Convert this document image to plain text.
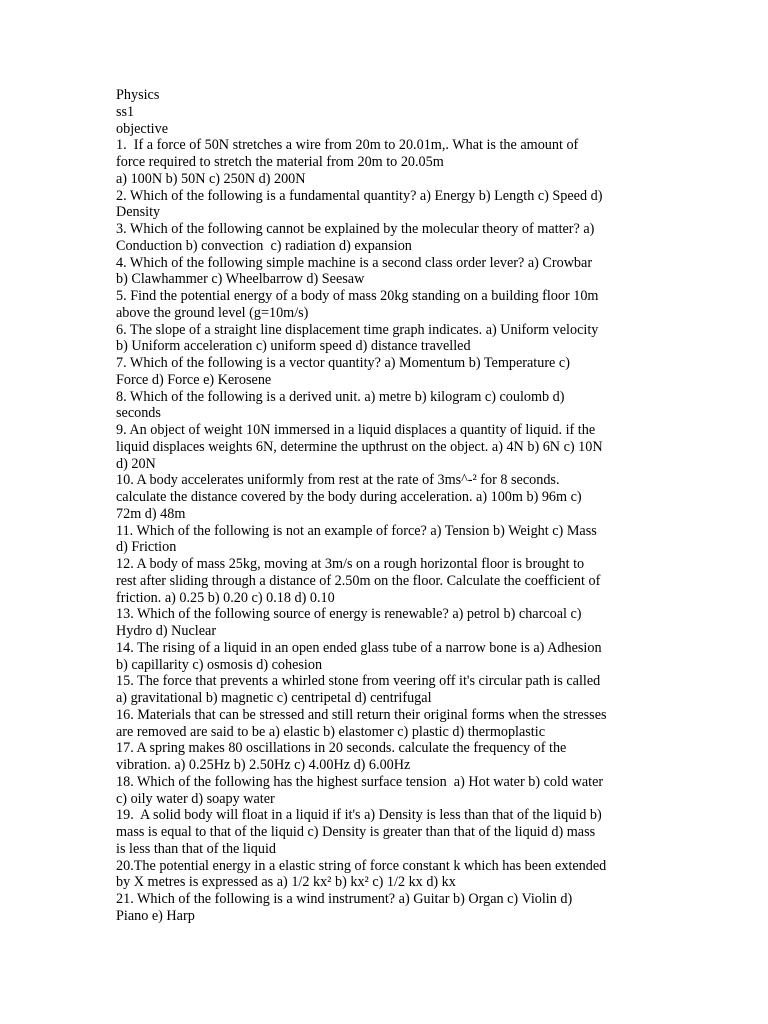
Physics
ss1
objective
1.  If a force of 50N stretches a wire from 20m to 20.01m,. What is the amount of
force required to stretch the material from 20m to 20.05m
a) 100N b) 50N c) 250N d) 200N
2. Which of the following is a fundamental quantity? a) Energy b) Length c) Speed d)
Density
3. Which of the following cannot be explained by the molecular theory of matter? a)
Conduction b) convection  c) radiation d) expansion
4. Which of the following simple machine is a second class order lever? a) Crowbar
b) Clawhammer c) Wheelbarrow d) Seesaw
5. Find the potential energy of a body of mass 20kg standing on a building floor 10m
above the ground level (g=10m/s)
6. The slope of a straight line displacement time graph indicates. a) Uniform velocity
b) Uniform acceleration c) uniform speed d) distance travelled
7. Which of the following is a vector quantity? a) Momentum b) Temperature c)
Force d) Force e) Kerosene
8. Which of the following is a derived unit. a) metre b) kilogram c) coulomb d)
seconds
9. An object of weight 10N immersed in a liquid displaces a quantity of liquid. if the
liquid displaces weights 6N, determine the upthrust on the object. a) 4N b) 6N c) 10N
d) 20N
10. A body accelerates uniformly from rest at the rate of 3ms^-² for 8 seconds.
calculate the distance covered by the body during acceleration. a) 100m b) 96m c)
72m d) 48m
11. Which of the following is not an example of force? a) Tension b) Weight c) Mass
d) Friction
12. A body of mass 25kg, moving at 3m/s on a rough horizontal floor is brought to
rest after sliding through a distance of 2.50m on the floor. Calculate the coefficient of
friction. a) 0.25 b) 0.20 c) 0.18 d) 0.10
13. Which of the following source of energy is renewable? a) petrol b) charcoal c)
Hydro d) Nuclear
14. The rising of a liquid in an open ended glass tube of a narrow bone is a) Adhesion
b) capillarity c) osmosis d) cohesion
15. The force that prevents a whirled stone from veering off it's circular path is called
a) gravitational b) magnetic c) centripetal d) centrifugal
16. Materials that can be stressed and still return their original forms when the stresses
are removed are said to be a) elastic b) elastomer c) plastic d) thermoplastic
17. A spring makes 80 oscillations in 20 seconds. calculate the frequency of the
vibration. a) 0.25Hz b) 2.50Hz c) 4.00Hz d) 6.00Hz
18. Which of the following has the highest surface tension  a) Hot water b) cold water
c) oily water d) soapy water
19.  A solid body will float in a liquid if it's a) Density is less than that of the liquid b)
mass is equal to that of the liquid c) Density is greater than that of the liquid d) mass
is less than that of the liquid
20.The potential energy in a elastic string of force constant k which has been extended
by X metres is expressed as a) 1/2 kx² b) kx² c) 1/2 kx d) kx
21. Which of the following is a wind instrument? a) Guitar b) Organ c) Violin d)
Piano e) Harp
